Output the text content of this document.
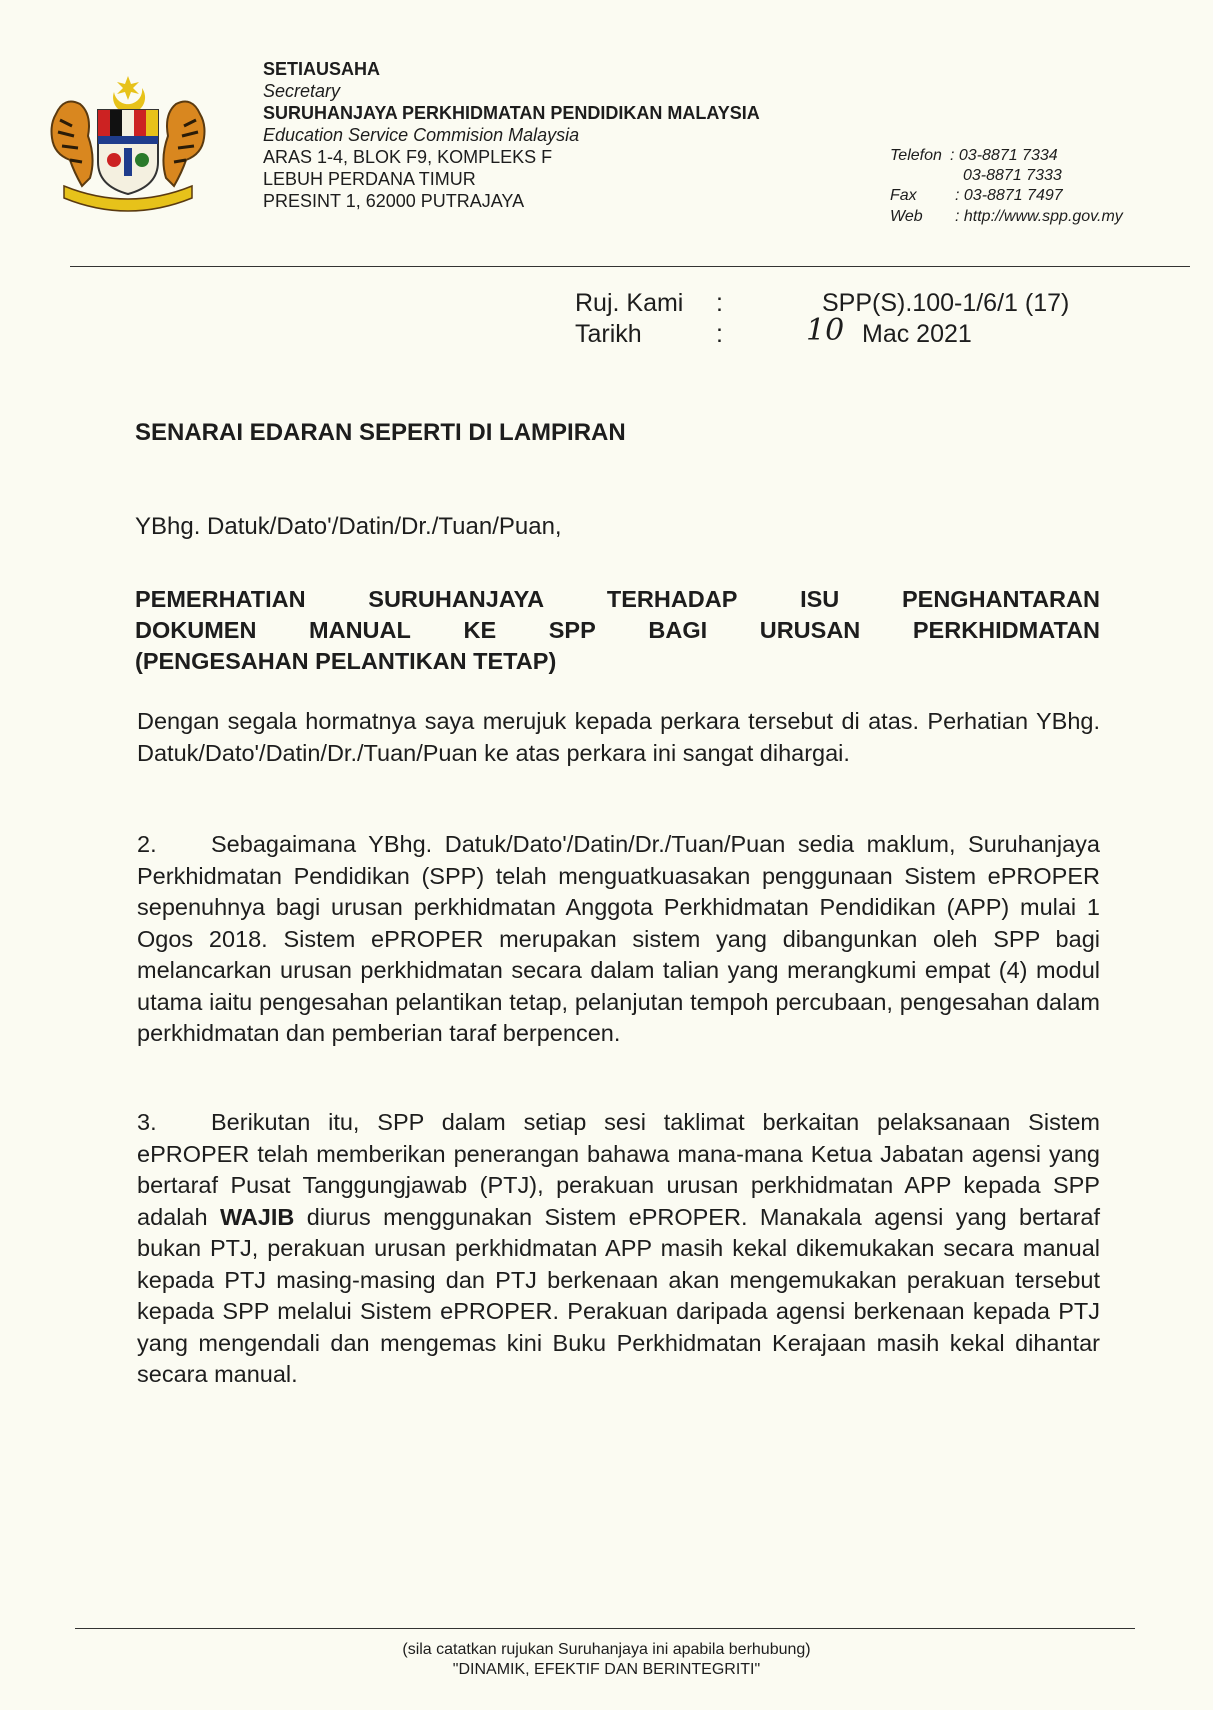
SETIAUSAHA
Secretary
SURUHANJAYA PERKHIDMATAN PENDIDIKAN MALAYSIA
Education Service Commision Malaysia
ARAS 1-4, BLOK F9, KOMPLEKS F
LEBUH PERDANA TIMUR
PRESINT 1, 62000 PUTRAJAYA
Telefon : 03-8871 7334
03-8871 7333
Fax : 03-8871 7497
Web : http://www.spp.gov.my
Ruj. Kami :	SPP(S).100-1/6/1 (17)
Tarikh	:	10 Mac 2021
SENARAI EDARAN SEPERTI DI LAMPIRAN
YBhg. Datuk/Dato'/Datin/Dr./Tuan/Puan,
PEMERHATIAN	SURUHANJAYA	TERHADAP	ISU	PENGHANTARAN
DOKUMEN MANUAL KE SPP BAGI URUSAN PERKHIDMATAN
(PENGESAHAN PELANTIKAN TETAP)
Dengan segala hormatnya saya merujuk kepada perkara tersebut di atas. Perhatian YBhg. Datuk/Dato'/Datin/Dr./Tuan/Puan ke atas perkara ini sangat dihargai.
2. Sebagaimana YBhg. Datuk/Dato'/Datin/Dr./Tuan/Puan sedia maklum, Suruhanjaya Perkhidmatan Pendidikan (SPP) telah menguatkuasakan penggunaan Sistem ePROPER sepenuhnya bagi urusan perkhidmatan Anggota Perkhidmatan Pendidikan (APP) mulai 1 Ogos 2018. Sistem ePROPER merupakan sistem yang dibangunkan oleh SPP bagi melancarkan urusan perkhidmatan secara dalam talian yang merangkumi empat (4) modul utama iaitu pengesahan pelantikan tetap, pelanjutan tempoh percubaan, pengesahan dalam perkhidmatan dan pemberian taraf berpencen.
3. Berikutan itu, SPP dalam setiap sesi taklimat berkaitan pelaksanaan Sistem ePROPER telah memberikan penerangan bahawa mana-mana Ketua Jabatan agensi yang bertaraf Pusat Tanggungjawab (PTJ), perakuan urusan perkhidmatan APP kepada SPP adalah WAJIB diurus menggunakan Sistem ePROPER. Manakala agensi yang bertaraf bukan PTJ, perakuan urusan perkhidmatan APP masih kekal dikemukakan secara manual kepada PTJ masing-masing dan PTJ berkenaan akan mengemukakan perakuan tersebut kepada SPP melalui Sistem ePROPER. Perakuan daripada agensi berkenaan kepada PTJ yang mengendali dan mengemas kini Buku Perkhidmatan Kerajaan masih kekal dihantar secara manual.
(sila catatkan rujukan Suruhanjaya ini apabila berhubung)
"DINAMIK, EFEKTIF DAN BERINTEGRITI"
